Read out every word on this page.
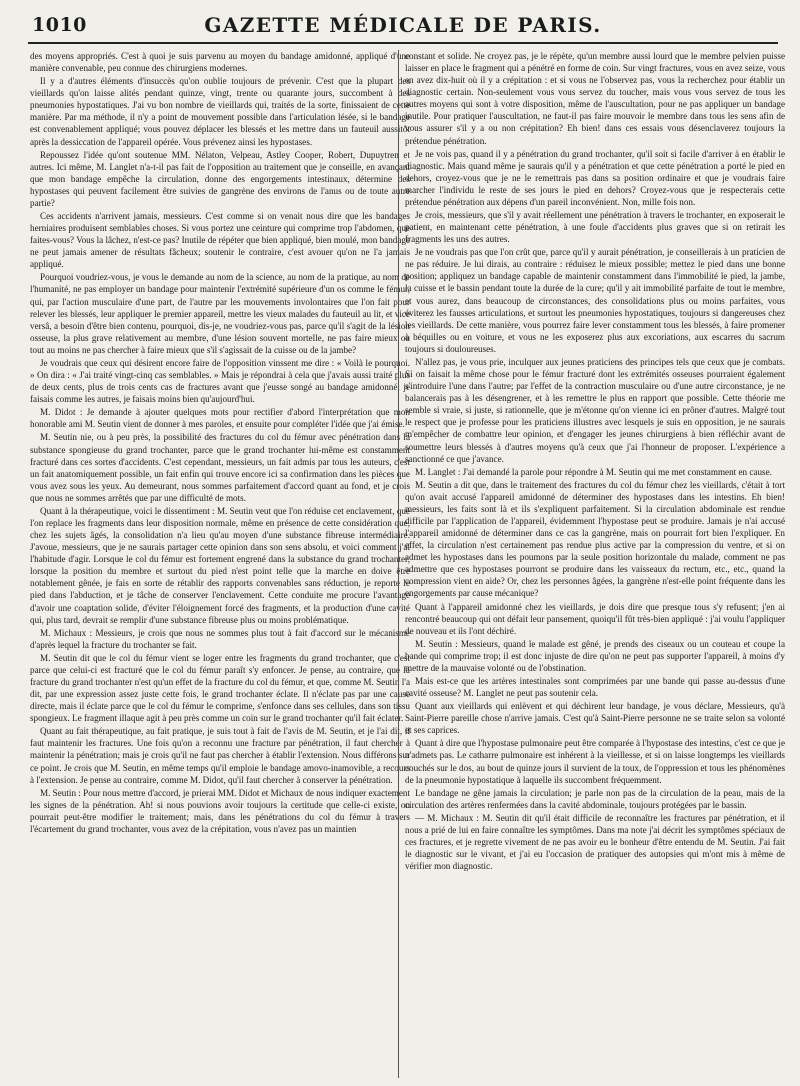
1010	GAZETTE MÉDICALE DE PARIS.

des moyens appropriés. C'est à quoi je suis parvenu au moyen du bandage amidonné, appliqué d'une manière convenable, peu connue des chirurgiens modernes.

Il y a d'autres éléments d'insuccès qu'on oublie toujours de prévenir. C'est que la plupart des vieillards qu'on laisse alités pendant quinze, vingt, trente ou quarante jours, succombent à des pneumonies hypostatiques. J'ai vu bon nombre de vieillards qui, traités de la sorte, finissaient de cette manière. Par ma méthode, il n'y a point de mouvement possible dans l'articulation lésée, si le bandage est convenablement appliqué; vous pouvez déplacer les blessés et les mettre dans un fauteuil aussitôt après la dessiccation de l'appareil opérée. Vous prévenez ainsi les hypostases.

Repoussez l'idée qu'ont soutenue MM. Nélaton, Velpeau, Astley Cooper, Robert, Dupuytren et autres. Ici même, M. Langlet n'a-t-il pas fait de l'opposition au traitement que je conseille, en avançant que mon bandage empêche la circulation, donne des engorgements intestinaux, détermine des hypostases qui peuvent facilement être suivies de gangrène des environs de l'anus ou de toute autre partie?

Ces accidents n'arrivent jamais, messieurs. C'est comme si on venait nous dire que les bandages herniaires produisent semblables choses. Si vous portez une ceinture qui comprime trop l'abdomen, que faites-vous? Vous la lâchez, n'est-ce pas? Inutile de répéter que bien appliqué, bien moulé, mon bandage ne peut jamais amener de résultats fâcheux; soutenir le contraire, c'est avouer qu'on ne l'a jamais appliqué.

Pourquoi voudriez-vous, je vous le demande au nom de la science, au nom de la pratique, au nom de l'humanité, ne pas employer un bandage pour maintenir l'extrémité supérieure d'un os comme le fémur, qui, par l'action musculaire d'une part, de l'autre par les mouvements involontaires que l'on fait pour relever les blessés, leur appliquer le premier appareil, mettre les vieux malades du fauteuil au lit, et vice versâ, a besoin d'être bien contenu, pourquoi, dis-je, ne voudriez-vous pas, parce qu'il s'agit de la lésion osseuse, la plus grave relativement au membre, d'une lésion souvent mortelle, ne pas faire mieux ou tout au moins ne pas chercher à faire mieux que s'il s'agissait de la cuisse ou de la jambe?

Je voudrais que ceux qui désirent encore faire de l'opposition vinssent me dire : « Voilà le pourquoi. » On dira : « J'ai traité vingt-cinq cas semblables. » Mais je répondrai à cela que j'avais aussi traité plus de deux cents, plus de trois cents cas de fractures avant que j'eusse songé au bandage amidonné; je faisais comme les autres, je faisais moins bien qu'aujourd'hui.

M. Didot : Je demande à ajouter quelques mots pour rectifier d'abord l'interprétation que mon honorable ami M. Seutin vient de donner à mes paroles, et ensuite pour compléter l'idée que j'ai émise.

M. Seutin nie, ou à peu près, la possibilité des fractures du col du fémur avec pénétration dans la substance spongieuse du grand trochanter, parce que le grand trochanter lui-même est constamment fracturé dans ces sortes d'accidents. C'est cependant, messieurs, un fait admis par tous les auteurs, c'est un fait anatomiquement possible, un fait enfin qui trouve encore ici sa confirmation dans les pièces que vous avez sous les yeux. Au demeurant, nous sommes parfaitement d'accord quant au fond, et je crois que nous ne sommes arrêtés que par une difficulté de mots.

Quant à la thérapeutique, voici le dissentiment : M. Seutin veut que l'on réduise cet enclavement, que l'on replace les fragments dans leur disposition normale, même en présence de cette considération que, chez les sujets âgés, la consolidation n'a lieu qu'au moyen d'une substance fibreuse intermédiaire. J'avoue, messieurs, que je ne saurais partager cette opinion dans son sens absolu, et voici comment j'ai l'habitude d'agir. Lorsque le col du fémur est fortement engrené dans la substance du grand trochanter, lorsque la position du membre et surtout du pied n'est point telle que la marche en doive être notablement gênée, je fais en sorte de rétablir des rapports convenables sans réduction, je reporte le pied dans l'abduction, et je tâche de conserver l'enclavement. Cette conduite me procure l'avantage d'avoir une coaptation solide, d'éviter l'éloignement forcé des fragments, et la production d'une cavité qui, plus tard, devrait se remplir d'une substance fibreuse plus ou moins problématique.

M. Michaux : Messieurs, je crois que nous ne sommes plus tout à fait d'accord sur le mécanisme d'après lequel la fracture du trochanter se fait.

M. Seutin dit que le col du fémur vient se loger entre les fragments du grand trochanter, que c'est parce que celui-ci est fracturé que le col du fémur paraît s'y enfoncer. Je pense, au contraire, que la fracture du grand trochanter n'est qu'un effet de la fracture du col du fémur, et que, comme M. Seutin l'a dit, par une expression assez juste cette fois, le grand trochanter éclate. Il n'éclate pas par une cause directe, mais il éclate parce que le col du fémur le comprime, s'enfonce dans ses cellules, dans son tissu spongieux. Le fragment illaque agit à peu près comme un coin sur le grand trochanter qu'il fait éclater.

Quant au fait thérapeutique, au fait pratique, je suis tout à fait de l'avis de M. Seutin, et je l'ai dit, il faut maintenir les fractures. Une fois qu'on a reconnu une fracture par pénétration, il faut chercher à maintenir la pénétration; mais je crois qu'il ne faut pas chercher à établir l'extension. Nous différons sur ce point. Je crois que M. Seutin, en même temps qu'il emploie le bandage amovo-inamovible, a recours à l'extension. Je pense au contraire, comme M. Didot, qu'il faut chercher à conserver la pénétration.

M. Seutin : Pour nous mettre d'accord, je prierai MM. Didot et Michaux de nous indiquer exactement les signes de la pénétration. Ah! si nous pouvions avoir toujours la certitude que celle-ci existe, on pourrait peut-être modifier le traitement; mais, dans les pénétrations du col du fémur à travers l'écartement du grand trochanter, vous avez de la crépitation, vous n'avez pas un maintien

constant et solide. Ne croyez pas, je le répète, qu'un membre aussi lourd que le membre pelvien puisse laisser en place le fragment qui a pénétré en forme de coin. Sur vingt fractures, vous en avez seize, vous en avez dix-huit où il y a crépitation : et si vous ne l'observez pas, vous la recherchez pour établir un diagnostic certain. Non-seulement vous vous servez du toucher, mais vous vous servez de tous les autres moyens qui sont à votre disposition, même de l'auscultation, pour ne pas appliquer un bandage inutile. Pour pratiquer l'auscultation, ne faut-il pas faire mouvoir le membre dans tous les sens afin de vous assurer s'il y a ou non crépitation? Eh bien! dans ces essais vous désenclaverez toujours la prétendue pénétration.

Je ne vois pas, quand il y a pénétration du grand trochanter, qu'il soit si facile d'arriver à en établir le diagnostic. Mais quand même je saurais qu'il y a pénétration et que cette pénétration a porté le pied en dehors, croyez-vous que je ne le remettrais pas dans sa position ordinaire et que je voudrais faire marcher l'individu le reste de ses jours le pied en dehors? Croyez-vous que je respecterais cette prétendue pénétration aux dépens d'un pareil inconvénient. Non, mille fois non.

Je crois, messieurs, que s'il y avait réellement une pénétration à travers le trochanter, en exposerait le patient, en maintenant cette pénétration, à une foule d'accidents plus graves que si on retirait les fragments les uns des autres.

Je ne voudrais pas que l'on crût que, parce qu'il y aurait pénétration, je conseillerais à un praticien de ne pas réduire. Je lui dirais, au contraire : réduisez le mieux possible; mettez le pied dans une bonne position; appliquez un bandage capable de maintenir constamment dans l'immobilité le pied, la jambe, la cuisse et le bassin pendant toute la durée de la cure; qu'il y ait immobilité parfaite de tout le membre, et vous aurez, dans beaucoup de circonstances, des consolidations plus ou moins parfaites, vous éviterez les fausses articulations, et surtout les pneumonies hypostatiques, toujours si dangereuses chez les vieillards. De cette manière, vous pourrez faire lever constamment tous les blessés, à faire promener à béquilles ou en voiture, et vous ne les exposerez plus aux excoriations, aux escarres du sacrum toujours si douloureuses.

N'allez pas, je vous prie, inculquer aux jeunes praticiens des principes tels que ceux que je combats. Si on faisait la même chose pour le fémur fracturé dont les extrémités osseuses pourraient également s'introduire l'une dans l'autre; par l'effet de la contraction musculaire ou d'une autre circonstance, je ne balancerais pas à les désengrener, et à les remettre le plus en rapport que possible. Cette théorie me semble si vraie, si juste, si rationnelle, que je m'étonne qu'on vienne ici en prôner d'autres. Malgré tout le respect que je professe pour les praticiens illustres avec lesquels je suis en opposition, je ne saurais m'empêcher de combattre leur opinion, et d'engager les jeunes chirurgiens à bien réfléchir avant de soumettre leurs blessés à d'autres moyens qu'à ceux que j'ai l'honneur de proposer. L'expérience a sanctionné ce que j'avance.

M. Langlet : J'ai demandé la parole pour répondre à M. Seutin qui me met constamment en cause.

M. Seutin a dit que, dans le traitement des fractures du col du fémur chez les vieillards, c'était à tort qu'on avait accusé l'appareil amidonné de déterminer des hypostases dans les intestins. Eh bien! messieurs, les faits sont là et ils s'expliquent parfaitement. Si la circulation abdominale est rendue difficile par l'application de l'appareil, évidemment l'hypostase peut se produire. Jamais je n'ai accusé l'appareil amidonné de déterminer dans ce cas la gangrène, mais on pourrait fort bien l'expliquer. En effet, la circulation n'est certainement pas rendue plus active par la compression du ventre, et si on admet les hypostases dans les poumons par la seule position horizontale du malade, comment ne pas admettre que ces hypostases pourront se produire dans les vaisseaux du rectum, etc., etc., quand la compression vient en aide? Or, chez les personnes âgées, la gangrène n'est-elle point fréquente dans les engorgements par cause mécanique?

Quant à l'appareil amidonné chez les vieillards, je dois dire que presque tous s'y refusent; j'en ai rencontré beaucoup qui ont défait leur pansement, quoiqu'il fût très-bien appliqué : j'ai voulu l'appliquer de nouveau et ils l'ont déchiré.

M. Seutin : Messieurs, quand le malade est gêné, je prends des ciseaux ou un couteau et coupe la bande qui comprime trop; il est donc injuste de dire qu'on ne peut pas supporter l'appareil, à moins d'y mettre de la mauvaise volonté ou de l'obstination.

Mais est-ce que les artères intestinales sont comprimées par une bande qui passe au-dessus d'une cavité osseuse? M. Langlet ne peut pas soutenir cela.

Quant aux vieillards qui enlèvent et qui déchirent leur bandage, je vous déclare, Messieurs, qu'à Saint-Pierre pareille chose n'arrive jamais. C'est qu'à Saint-Pierre personne ne se traite selon sa volonté et ses caprices.

Quant à dire que l'hypostase pulmonaire peut être comparée à l'hypostase des intestins, c'est ce que je n'admets pas. Le catharre pulmonaire est inhérent à la vieillesse, et si on laisse longtemps les vieillards couchés sur le dos, au bout de quinze jours il survient de la toux, de l'oppression et tous les phénomènes de la pneumonie hypostatique à laquelle ils succombent fréquemment.

Le bandage ne gêne jamais la circulation; je parle non pas de la circulation de la peau, mais de la circulation des artères renfermées dans la cavité abdominale, toujours protégées par le bassin.

— M. Michaux : M. Seutin dit qu'il était difficile de reconnaître les fractures par pénétration, et il nous a prié de lui en faire connaître les symptômes. Dans ma note j'ai décrit les symptômes spéciaux de ces fractures, et je regrette vivement de ne pas avoir eu le bonheur d'être entendu de M. Seutin. J'ai fait le diagnostic sur le vivant, et j'ai eu l'occasion de pratiquer des autopsies qui m'ont mis à même de vérifier mon diagnostic.
